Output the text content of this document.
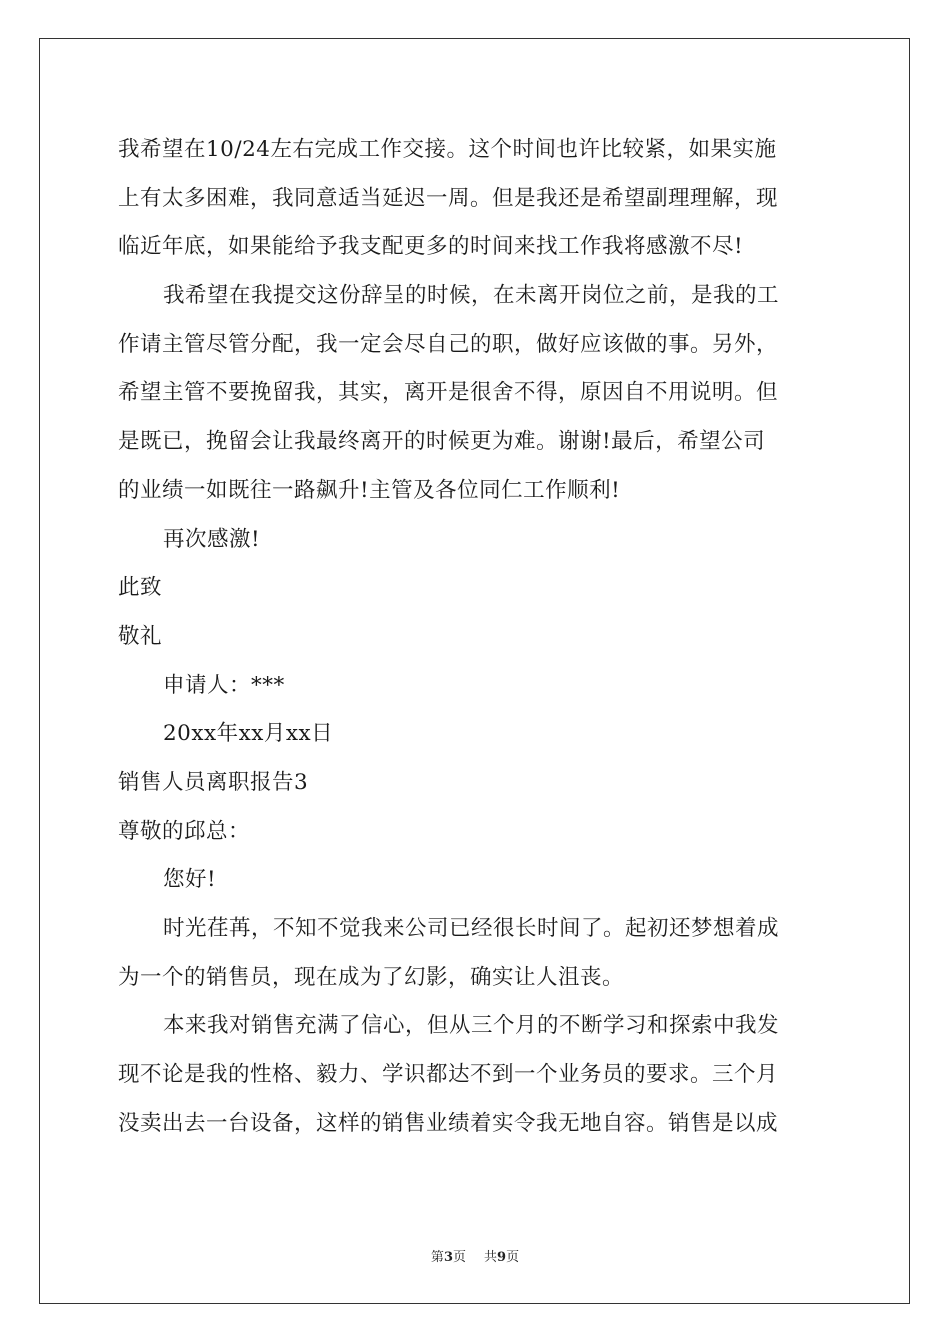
我希望在10/24左右完成工作交接。这个时间也许比较紧，如果实施
上有太多困难，我同意适当延迟一周。但是我还是希望副理理解，现
临近年底，如果能给予我支配更多的时间来找工作我将感激不尽!
我希望在我提交这份辞呈的时候，在未离开岗位之前，是我的工
作请主管尽管分配，我一定会尽自己的职，做好应该做的事。另外，
希望主管不要挽留我，其实，离开是很舍不得，原因自不用说明。但
是既已，挽留会让我最终离开的时候更为难。谢谢!最后，希望公司
的业绩一如既往一路飙升!主管及各位同仁工作顺利!
再次感激!
此致
敬礼
申请人：***
20xx年xx月xx日
销售人员离职报告3
尊敬的邱总：
您好!
时光荏苒，不知不觉我来公司已经很长时间了。起初还梦想着成
为一个的销售员，现在成为了幻影，确实让人沮丧。
本来我对销售充满了信心，但从三个月的不断学习和探索中我发
现不论是我的性格、毅力、学识都达不到一个业务员的要求。三个月
没卖出去一台设备，这样的销售业绩着实令我无地自容。销售是以成
第3页 共9页
